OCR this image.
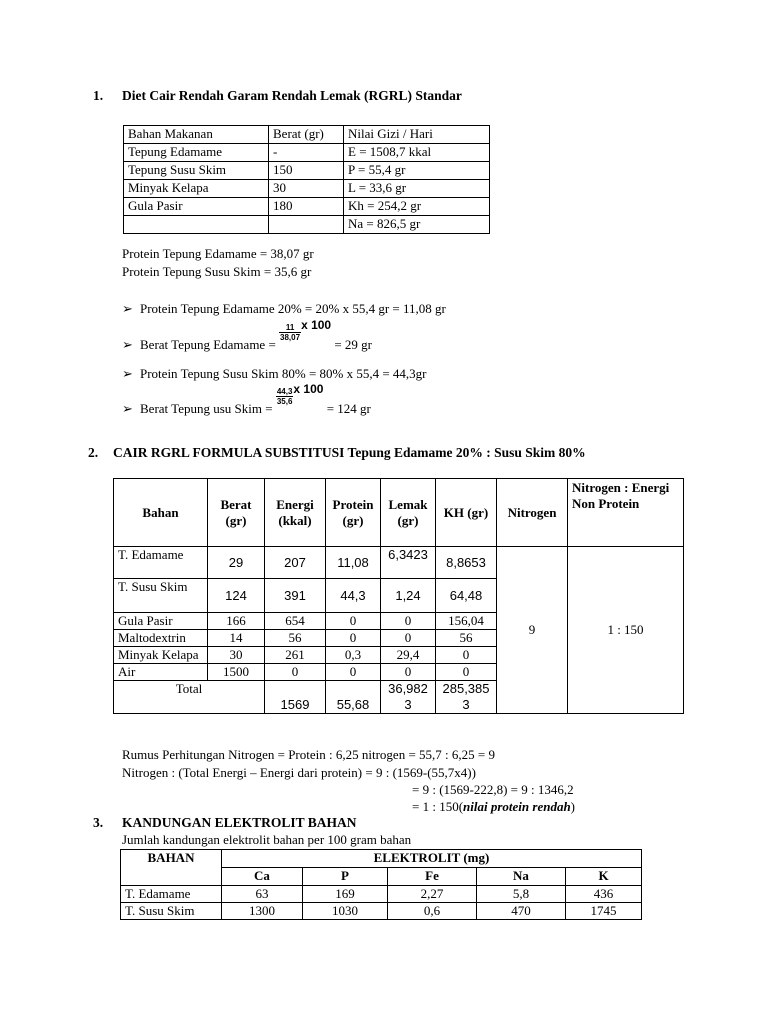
1. Diet Cair Rendah Garam Rendah Lemak (RGRL) Standar
Bahan Makanan	Berat (gr)	Nilai Gizi / Hari
Tepung Edamame	-	E = 1508,7 kkal
Tepung Susu Skim	150	P = 55,4 gr
Minyak Kelapa	30	L = 33,6 gr
Gula Pasir	180	Kh = 254,2 gr
		Na = 826,5 gr
Protein Tepung Edamame = 38,07 gr
Protein Tepung Susu Skim = 35,6 gr
➢ Protein Tepung Edamame 20% = 20% x 55,4 gr = 11,08 gr
➢ Berat Tepung Edamame =
$\frac{11}{38,07}$ x 100 = 29 gr
➢ Protein Tepung Susu Skim 80% = 80% x 55,4 = 44,3gr
➢ Berat Tepung usu Skim =
$\frac{44,3}{35,6}$ x 100 = 124 gr
2. CAIR RGRL FORMULA SUBSTITUSI Tepung Edamame 20% : Susu Skim 80%
Bahan	Berat (gr)	Energi (kkal)	Protein (gr)	Lemak (gr)	KH (gr)	Nitrogen	Nitrogen : Energi Non Protein
T. Edamame	29	207	11,08	6,3423	8,8653	9	1 : 150
T. Susu Skim	124	391	44,3	1,24	64,48		
Gula Pasir	166	654	0	0	156,04		
Maltodextrin	14	56	0	0	56		
Minyak Kelapa	30	261	0,3	29,4	0		
Air	1500	0	0	0	0		
Total		1569	55,68	36,9823	285,3853		
Rumus Perhitungan Nitrogen = Protein : 6,25 nitrogen = 55,7 : 6,25 = 9
Nitrogen : (Total Energi – Energi dari protein) = 9 : (1569-(55,7x4))
= 9 : (1569-222,8) = 9 : 1346,2
= 1 : 150(nilai protein rendah)
3. KANDUNGAN ELEKTROLIT BAHAN
Jumlah kandungan elektrolit bahan per 100 gram bahan
BAHAN	ELEKTROLIT (mg)				
	Ca	P	Fe	Na	K
T. Edamame	63	169	2,27	5,8	436
T. Susu Skim	1300	1030	0,6	470	1745
